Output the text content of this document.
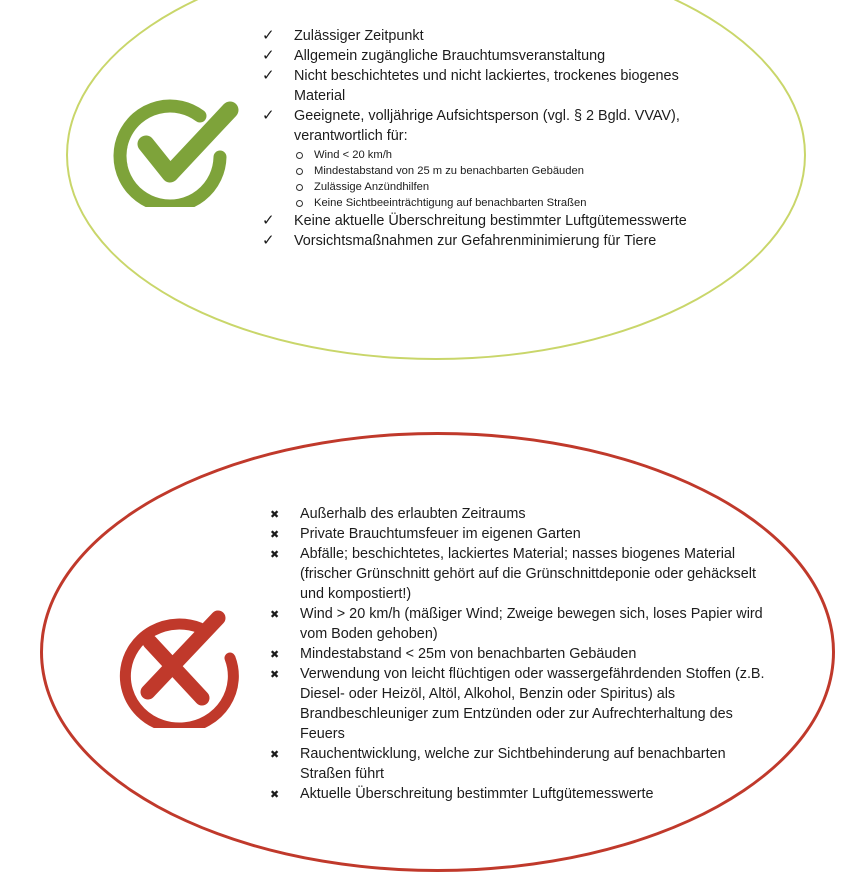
✓	Zulässiger Zeitpunkt
✓	Allgemein zugängliche Brauchtumsveranstaltung
✓	Nicht beschichtetes und nicht lackiertes, trockenes biogenes Material
✓	Geeignete, volljährige Aufsichtsperson (vgl. § 2 Bgld. VVAV), verantwortlich für:
Wind < 20 km/h
Mindestabstand von 25 m zu benachbarten Gebäuden
Zulässige Anzündhilfen
Keine Sichtbeeinträchtigung auf benachbarten Straßen
✓	Keine aktuelle Überschreitung bestimmter Luftgütemesswerte
✓	Vorsichtsmaßnahmen zur Gefahrenminimierung für Tiere
✖	Außerhalb des erlaubten Zeitraums
✖	Private Brauchtumsfeuer im eigenen Garten
✖	Abfälle; beschichtetes, lackiertes Material; nasses biogenes Material (frischer Grünschnitt gehört auf die Grünschnittdeponie oder gehäckselt und kompostiert!)
✖	Wind > 20 km/h (mäßiger Wind; Zweige bewegen sich, loses Papier wird vom Boden gehoben)
✖	Mindestabstand < 25m von benachbarten Gebäuden
✖	Verwendung von leicht flüchtigen oder wassergefährdenden Stoffen (z.B. Diesel- oder Heizöl, Altöl, Alkohol, Benzin oder Spiritus) als Brandbeschleuniger zum Entzünden oder zur Aufrechterhaltung des Feuers
✖	Rauchentwicklung, welche zur Sichtbehinderung auf benachbarten Straßen führt
✖	Aktuelle Überschreitung bestimmter Luftgütemesswerte
